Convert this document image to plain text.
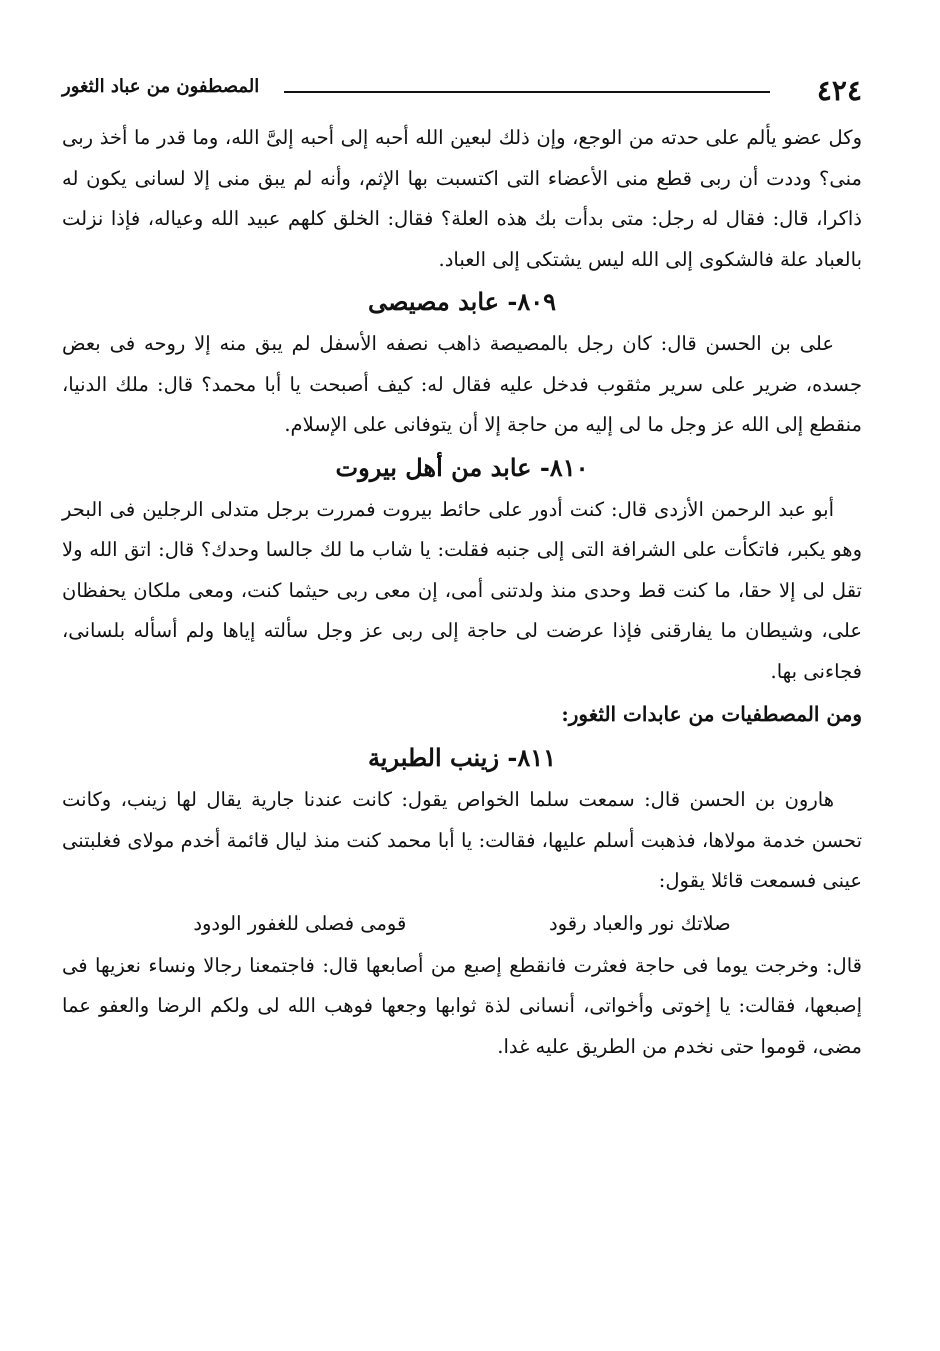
٤٢٤
المصطفون من عباد الثغور

وكل عضو يألم على حدته من الوجع، وإن ذلك لبعين الله أحبه إلى أحبه إلىَّ الله، وما قدر ما أخذ ربى منى؟ وددت أن ربى قطع منى الأعضاء التى اكتسبت بها الإثم، وأنه لم يبق منى إلا لسانى يكون له ذاكرا، قال: فقال له رجل: متى بدأت بك هذه العلة؟ فقال: الخلق كلهم عبيد الله وعياله، فإذا نزلت بالعباد علة فالشكوى إلى الله ليس يشتكى إلى العباد.

٨٠٩- عابد مصيصى

على بن الحسن قال: كان رجل بالمصيصة ذاهب نصفه الأسفل لم يبق منه إلا روحه فى بعض جسده، ضرير على سرير مثقوب فدخل عليه فقال له: كيف أصبحت يا أبا محمد؟ قال: ملك الدنيا، منقطع إلى الله عز وجل ما لى إليه من حاجة إلا أن يتوفانى على الإسلام.

٨١٠- عابد من أهل بيروت

أبو عبد الرحمن الأزدى قال: كنت أدور على حائط بيروت فمررت برجل متدلى الرجلين فى البحر وهو يكبر، فاتكأت على الشرافة التى إلى جنبه فقلت: يا شاب ما لك جالسا وحدك؟ قال: اتق الله ولا تقل لى إلا حقا، ما كنت قط وحدى منذ ولدتنى أمى، إن معى ربى حيثما كنت، ومعى ملكان يحفظان على، وشيطان ما يفارقنى فإذا عرضت لى حاجة إلى ربى عز وجل سألته إياها ولم أسأله بلسانى، فجاءنى بها.

ومن المصطفيات من عابدات الثغور:
٨١١- زينب الطبرية

هارون بن الحسن قال: سمعت سلما الخواص يقول: كانت عندنا جارية يقال لها زينب، وكانت تحسن خدمة مولاها، فذهبت أسلم عليها، فقالت: يا أبا محمد كنت منذ ليال قائمة أخدم مولاى فغلبتنى عينى فسمعت قائلا يقول:

صلاتك نور والعباد رقود
قومى فصلى للغفور الودود

قال: وخرجت يوما فى حاجة فعثرت فانقطع إصبع من أصابعها قال: فاجتمعنا رجالا ونساء نعزيها فى إصبعها، فقالت: يا إخوتى وأخواتى، أنسانى لذة ثوابها وجعها فوهب الله لى ولكم الرضا والعفو عما مضى، قوموا حتى نخدم من الطريق عليه غدا.
